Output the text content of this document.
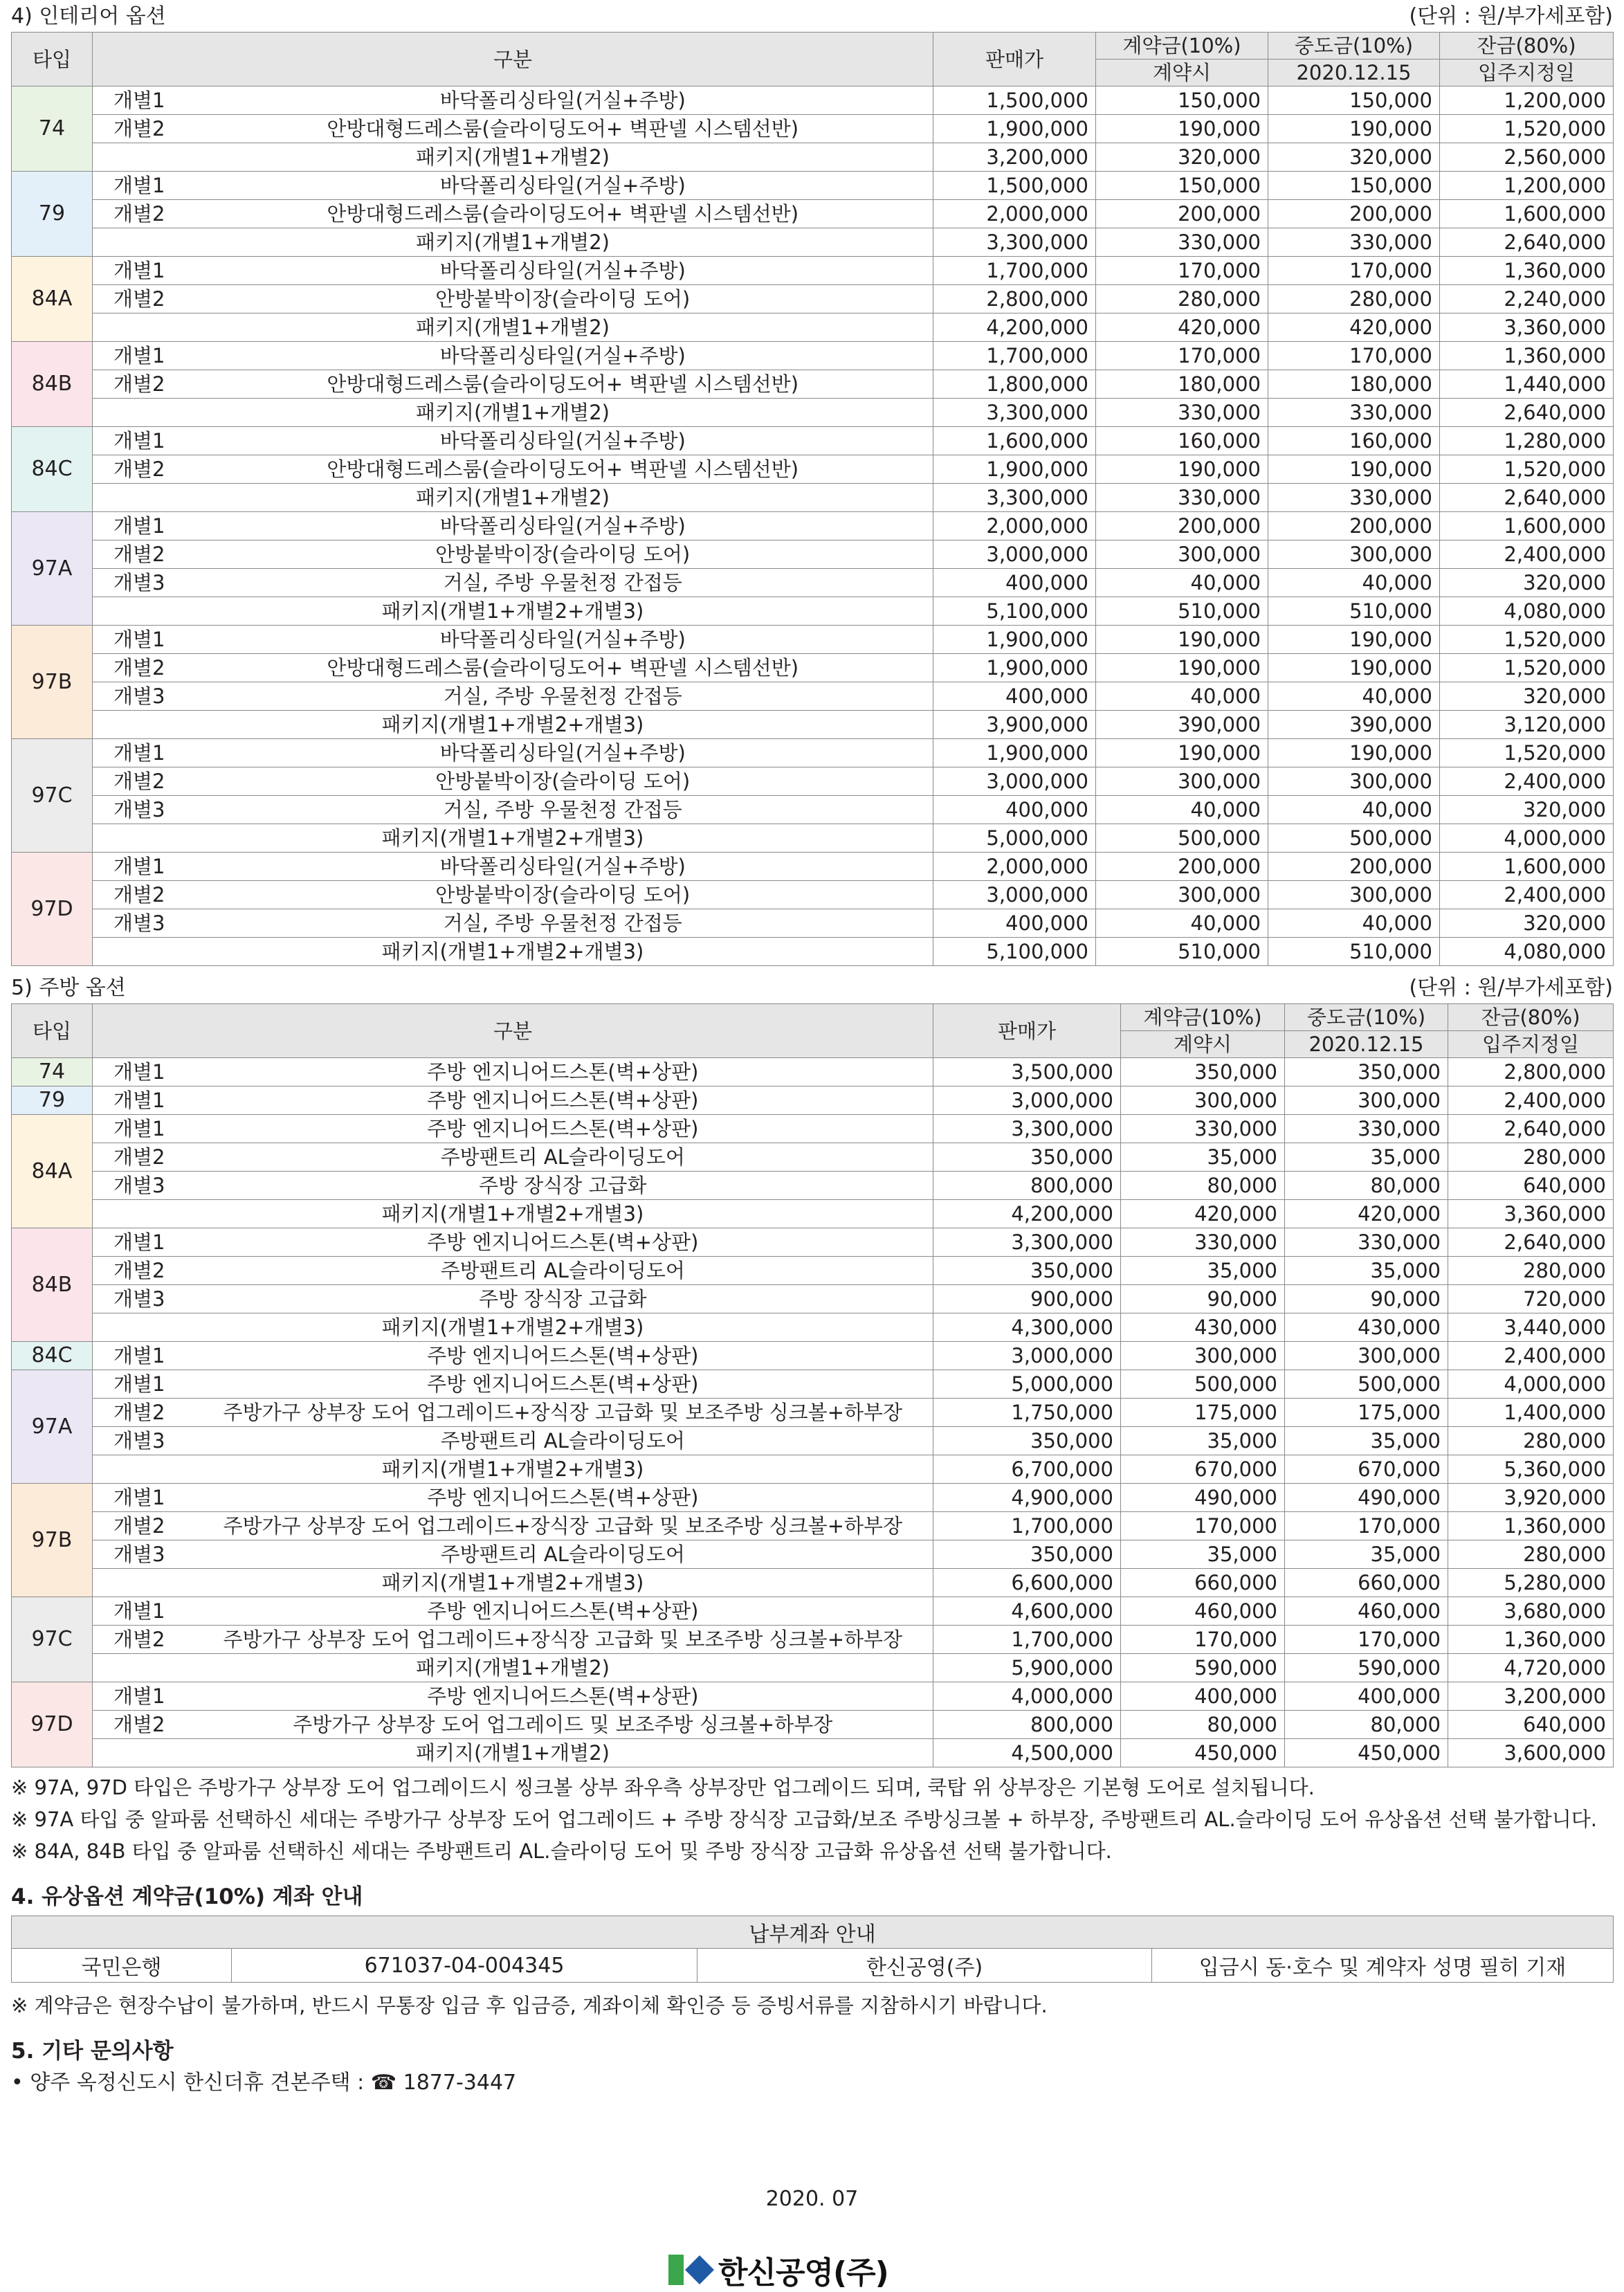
4) 인테리어 옵션	(단위 : 원/부가세포함)
타입	구분		판매가	계약금(10%)	중도금(10%)	잔금(80%)
				계약시	2020.12.15	입주지정일
74	개별1	바닥폴리싱타일(거실+주방)	1,500,000	150,000	150,000	1,200,000
	개별2	안방대형드레스룸(슬라이딩도어+ 벽판넬 시스템선반)	1,900,000	190,000	190,000	1,520,000
	패키지(개별1+개별2)		3,200,000	320,000	320,000	2,560,000
79	개별1	바닥폴리싱타일(거실+주방)	1,500,000	150,000	150,000	1,200,000
	개별2	안방대형드레스룸(슬라이딩도어+ 벽판넬 시스템선반)	2,000,000	200,000	200,000	1,600,000
	패키지(개별1+개별2)		3,300,000	330,000	330,000	2,640,000
84A	개별1	바닥폴리싱타일(거실+주방)	1,700,000	170,000	170,000	1,360,000
	개별2	안방붙박이장(슬라이딩 도어)	2,800,000	280,000	280,000	2,240,000
	패키지(개별1+개별2)		4,200,000	420,000	420,000	3,360,000
84B	개별1	바닥폴리싱타일(거실+주방)	1,700,000	170,000	170,000	1,360,000
	개별2	안방대형드레스룸(슬라이딩도어+ 벽판넬 시스템선반)	1,800,000	180,000	180,000	1,440,000
	패키지(개별1+개별2)		3,300,000	330,000	330,000	2,640,000
84C	개별1	바닥폴리싱타일(거실+주방)	1,600,000	160,000	160,000	1,280,000
	개별2	안방대형드레스룸(슬라이딩도어+ 벽판넬 시스템선반)	1,900,000	190,000	190,000	1,520,000
	패키지(개별1+개별2)		3,300,000	330,000	330,000	2,640,000
97A	개별1	바닥폴리싱타일(거실+주방)	2,000,000	200,000	200,000	1,600,000
	개별2	안방붙박이장(슬라이딩 도어)	3,000,000	300,000	300,000	2,400,000
	개별3	거실, 주방 우물천정 간접등	400,000	40,000	40,000	320,000
	패키지(개별1+개별2+개별3)		5,100,000	510,000	510,000	4,080,000
97B	개별1	바닥폴리싱타일(거실+주방)	1,900,000	190,000	190,000	1,520,000
	개별2	안방대형드레스룸(슬라이딩도어+ 벽판넬 시스템선반)	1,900,000	190,000	190,000	1,520,000
	개별3	거실, 주방 우물천정 간접등	400,000	40,000	40,000	320,000
	패키지(개별1+개별2+개별3)		3,900,000	390,000	390,000	3,120,000
97C	개별1	바닥폴리싱타일(거실+주방)	1,900,000	190,000	190,000	1,520,000
	개별2	안방붙박이장(슬라이딩 도어)	3,000,000	300,000	300,000	2,400,000
	개별3	거실, 주방 우물천정 간접등	400,000	40,000	40,000	320,000
	패키지(개별1+개별2+개별3)		5,000,000	500,000	500,000	4,000,000
97D	개별1	바닥폴리싱타일(거실+주방)	2,000,000	200,000	200,000	1,600,000
	개별2	안방붙박이장(슬라이딩 도어)	3,000,000	300,000	300,000	2,400,000
	개별3	거실, 주방 우물천정 간접등	400,000	40,000	40,000	320,000
	패키지(개별1+개별2+개별3)		5,100,000	510,000	510,000	4,080,000
5) 주방 옵션	(단위 : 원/부가세포함)
타입	구분		판매가	계약금(10%)	중도금(10%)	잔금(80%)
				계약시	2020.12.15	입주지정일
74	개별1	주방 엔지니어드스톤(벽+상판)	3,500,000	350,000	350,000	2,800,000
79	개별1	주방 엔지니어드스톤(벽+상판)	3,000,000	300,000	300,000	2,400,000
84A	개별1	주방 엔지니어드스톤(벽+상판)	3,300,000	330,000	330,000	2,640,000
	개별2	주방팬트리 AL슬라이딩도어	350,000	35,000	35,000	280,000
	개별3	주방 장식장 고급화	800,000	80,000	80,000	640,000
	패키지(개별1+개별2+개별3)		4,200,000	420,000	420,000	3,360,000
84B	개별1	주방 엔지니어드스톤(벽+상판)	3,300,000	330,000	330,000	2,640,000
	개별2	주방팬트리 AL슬라이딩도어	350,000	35,000	35,000	280,000
	개별3	주방 장식장 고급화	900,000	90,000	90,000	720,000
	패키지(개별1+개별2+개별3)		4,300,000	430,000	430,000	3,440,000
84C	개별1	주방 엔지니어드스톤(벽+상판)	3,000,000	300,000	300,000	2,400,000
97A	개별1	주방 엔지니어드스톤(벽+상판)	5,000,000	500,000	500,000	4,000,000
	개별2	주방가구 상부장 도어 업그레이드+장식장 고급화 및 보조주방 싱크볼+하부장	1,750,000	175,000	175,000	1,400,000
	개별3	주방팬트리 AL슬라이딩도어	350,000	35,000	35,000	280,000
	패키지(개별1+개별2+개별3)		6,700,000	670,000	670,000	5,360,000
97B	개별1	주방 엔지니어드스톤(벽+상판)	4,900,000	490,000	490,000	3,920,000
	개별2	주방가구 상부장 도어 업그레이드+장식장 고급화 및 보조주방 싱크볼+하부장	1,700,000	170,000	170,000	1,360,000
	개별3	주방팬트리 AL슬라이딩도어	350,000	35,000	35,000	280,000
	패키지(개별1+개별2+개별3)		6,600,000	660,000	660,000	5,280,000
97C	개별1	주방 엔지니어드스톤(벽+상판)	4,600,000	460,000	460,000	3,680,000
	개별2	주방가구 상부장 도어 업그레이드+장식장 고급화 및 보조주방 싱크볼+하부장	1,700,000	170,000	170,000	1,360,000
	패키지(개별1+개별2)		5,900,000	590,000	590,000	4,720,000
97D	개별1	주방 엔지니어드스톤(벽+상판)	4,000,000	400,000	400,000	3,200,000
	개별2	주방가구 상부장 도어 업그레이드 및 보조주방 싱크볼+하부장	800,000	80,000	80,000	640,000
	패키지(개별1+개별2)		4,500,000	450,000	450,000	3,600,000
※ 97A, 97D 타입은 주방가구 상부장 도어 업그레이드시 씽크볼 상부 좌우측 상부장만 업그레이드 되며, 쿡탑 위 상부장은 기본형 도어로 설치됩니다.
※ 97A 타입 중 알파룸 선택하신 세대는 주방가구 상부장 도어 업그레이드 + 주방 장식장 고급화/보조 주방싱크볼 + 하부장, 주방팬트리 AL.슬라이딩 도어 유상옵션 선택 불가합니다.
※ 84A, 84B 타입 중 알파룸 선택하신 세대는 주방팬트리 AL.슬라이딩 도어 및 주방 장식장 고급화 유상옵션 선택 불가합니다.
4. 유상옵션 계약금(10%) 계좌 안내
납부계좌 안내
국민은행	671037-04-004345	한신공영(주)	입금시 동·호수 및 계약자 성명 필히 기재
※ 계약금은 현장수납이 불가하며, 반드시 무통장 입금 후 입금증, 계좌이체 확인증 등 증빙서류를 지참하시기 바랍니다.
5. 기타 문의사항
• 양주 옥정신도시 한신더휴 견본주택 : ☎ 1877-3447
2020. 07
한신공영(주)
